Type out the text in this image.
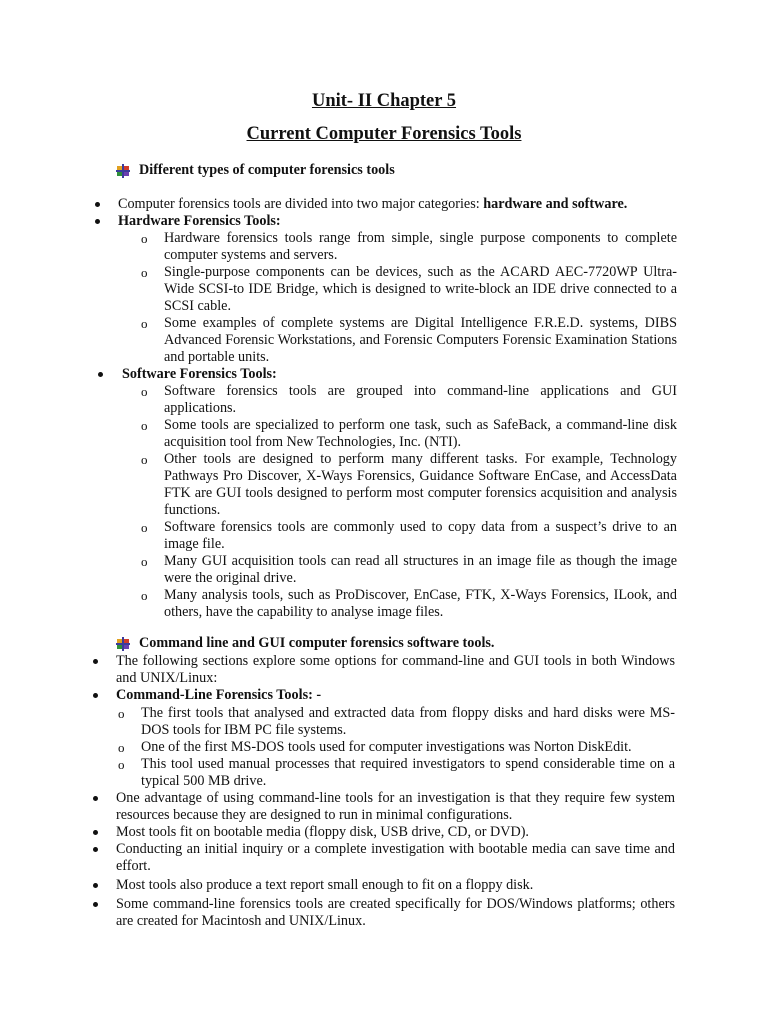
Unit- II Chapter 5
Current Computer Forensics Tools
Different types of computer forensics tools
Computer forensics tools are divided into two major categories: hardware and software.
Hardware Forensics Tools:
o Hardware forensics tools range from simple, single purpose components to complete computer systems and servers.
o Single-purpose components can be devices, such as the ACARD AEC-7720WP Ultra-Wide SCSI-to IDE Bridge, which is designed to write-block an IDE drive connected to a SCSI cable.
o Some examples of complete systems are Digital Intelligence F.R.E.D. systems, DIBS Advanced Forensic Workstations, and Forensic Computers Forensic Examination Stations and portable units.
Software Forensics Tools:
o Software forensics tools are grouped into command-line applications and GUI applications.
o Some tools are specialized to perform one task, such as SafeBack, a command-line disk acquisition tool from New Technologies, Inc. (NTI).
o Other tools are designed to perform many different tasks. For example, Technology Pathways Pro Discover, X-Ways Forensics, Guidance Software EnCase, and AccessData FTK are GUI tools designed to perform most computer forensics acquisition and analysis functions.
o Software forensics tools are commonly used to copy data from a suspect’s drive to an image file.
o Many GUI acquisition tools can read all structures in an image file as though the image were the original drive.
o Many analysis tools, such as ProDiscover, EnCase, FTK, X-Ways Forensics, ILook, and others, have the capability to analyse image files.
Command line and GUI computer forensics software tools.
The following sections explore some options for command-line and GUI tools in both Windows and UNIX/Linux:
Command-Line Forensics Tools: -
o The first tools that analysed and extracted data from floppy disks and hard disks were MS-DOS tools for IBM PC file systems.
o One of the first MS-DOS tools used for computer investigations was Norton DiskEdit.
o This tool used manual processes that required investigators to spend considerable time on a typical 500 MB drive.
One advantage of using command-line tools for an investigation is that they require few system resources because they are designed to run in minimal configurations.
Most tools fit on bootable media (floppy disk, USB drive, CD, or DVD).
Conducting an initial inquiry or a complete investigation with bootable media can save time and effort.
Most tools also produce a text report small enough to fit on a floppy disk.
Some command-line forensics tools are created specifically for DOS/Windows platforms; others are created for Macintosh and UNIX/Linux.
